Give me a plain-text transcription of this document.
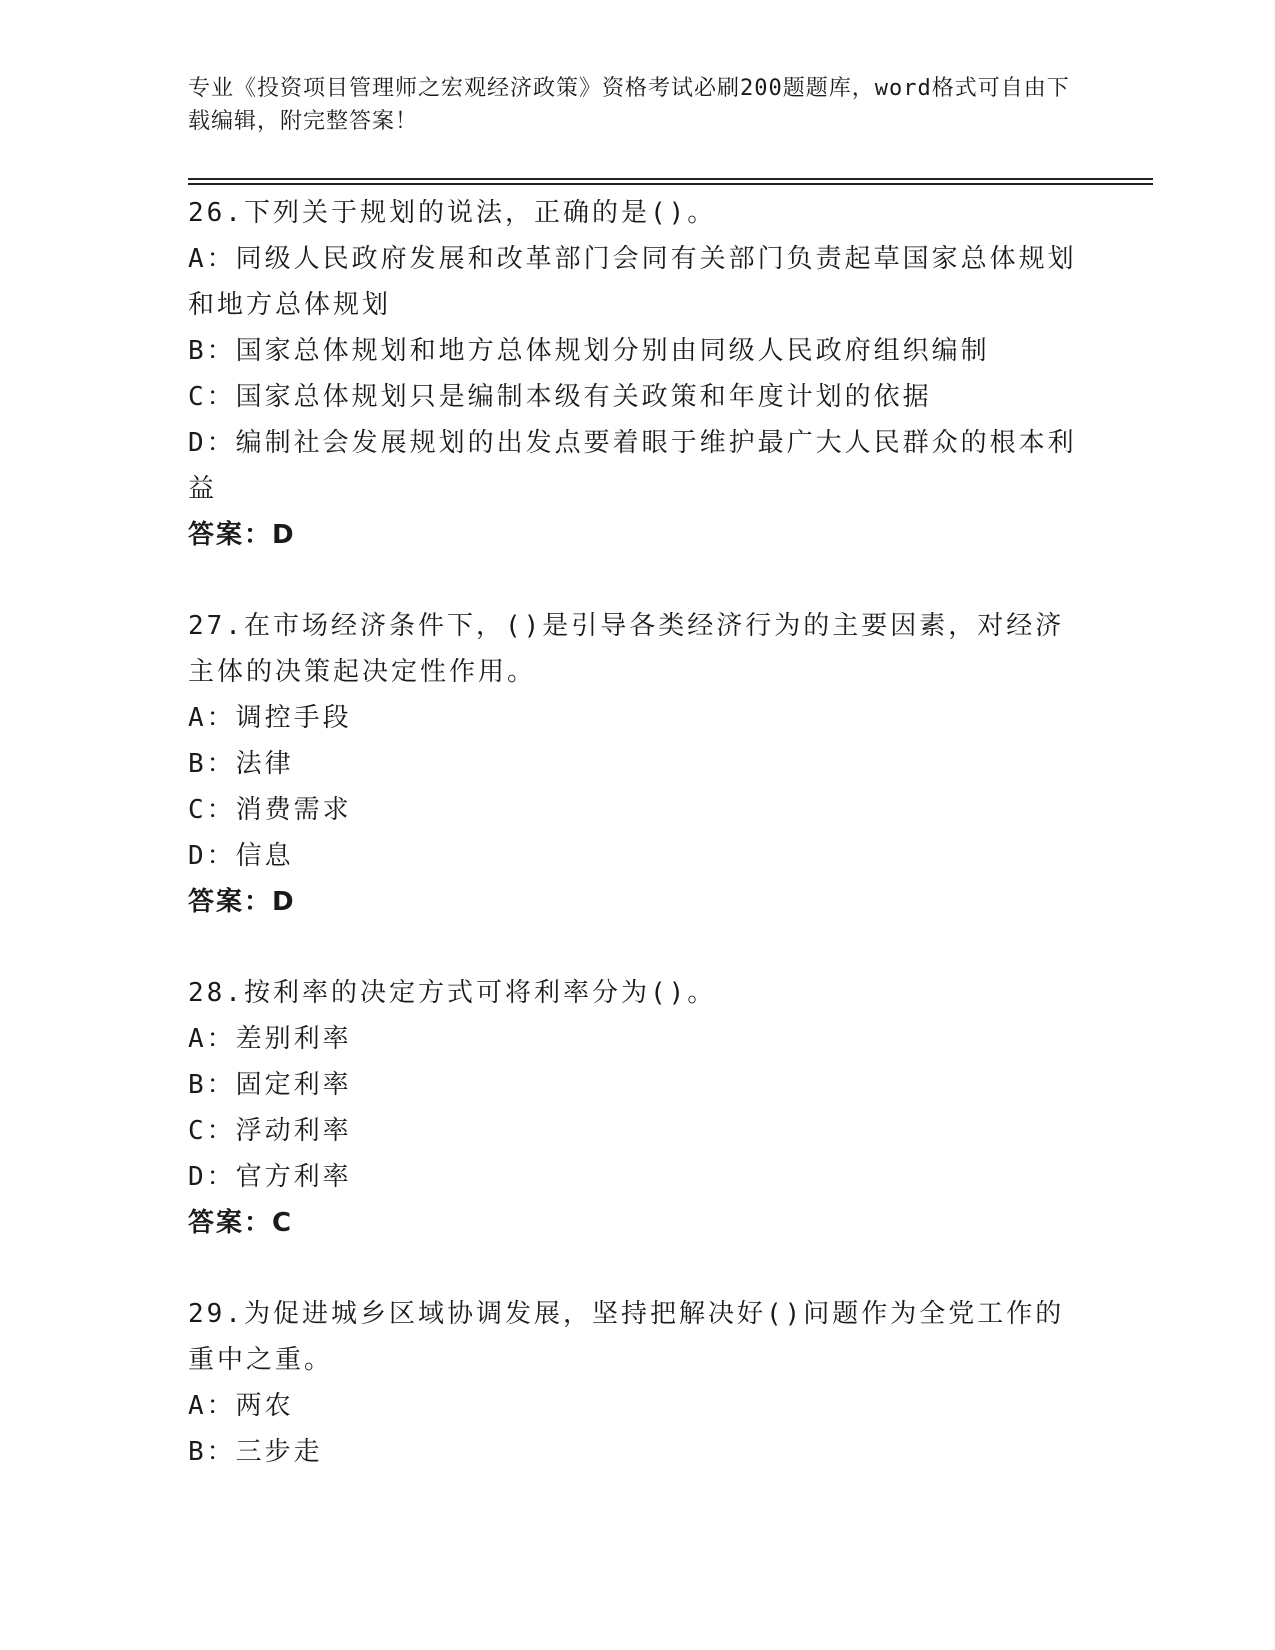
专业《投资项目管理师之宏观经济政策》资格考试必刷200题题库，word格式可自由下载编辑，附完整答案！

26.下列关于规划的说法，正确的是()。

A：同级人民政府发展和改革部门会同有关部门负责起草国家总体规划和地方总体规划

B：国家总体规划和地方总体规划分别由同级人民政府组织编制

C：国家总体规划只是编制本级有关政策和年度计划的依据

D：编制社会发展规划的出发点要着眼于维护最广大人民群众的根本利益

答案：D

27.在市场经济条件下，()是引导各类经济行为的主要因素，对经济主体的决策起决定性作用。

A：调控手段

B：法律

C：消费需求

D：信息

答案：D

28.按利率的决定方式可将利率分为()。

A：差别利率

B：固定利率

C：浮动利率

D：官方利率

答案：C

29.为促进城乡区域协调发展，坚持把解决好()问题作为全党工作的重中之重。

A：两农

B：三步走
